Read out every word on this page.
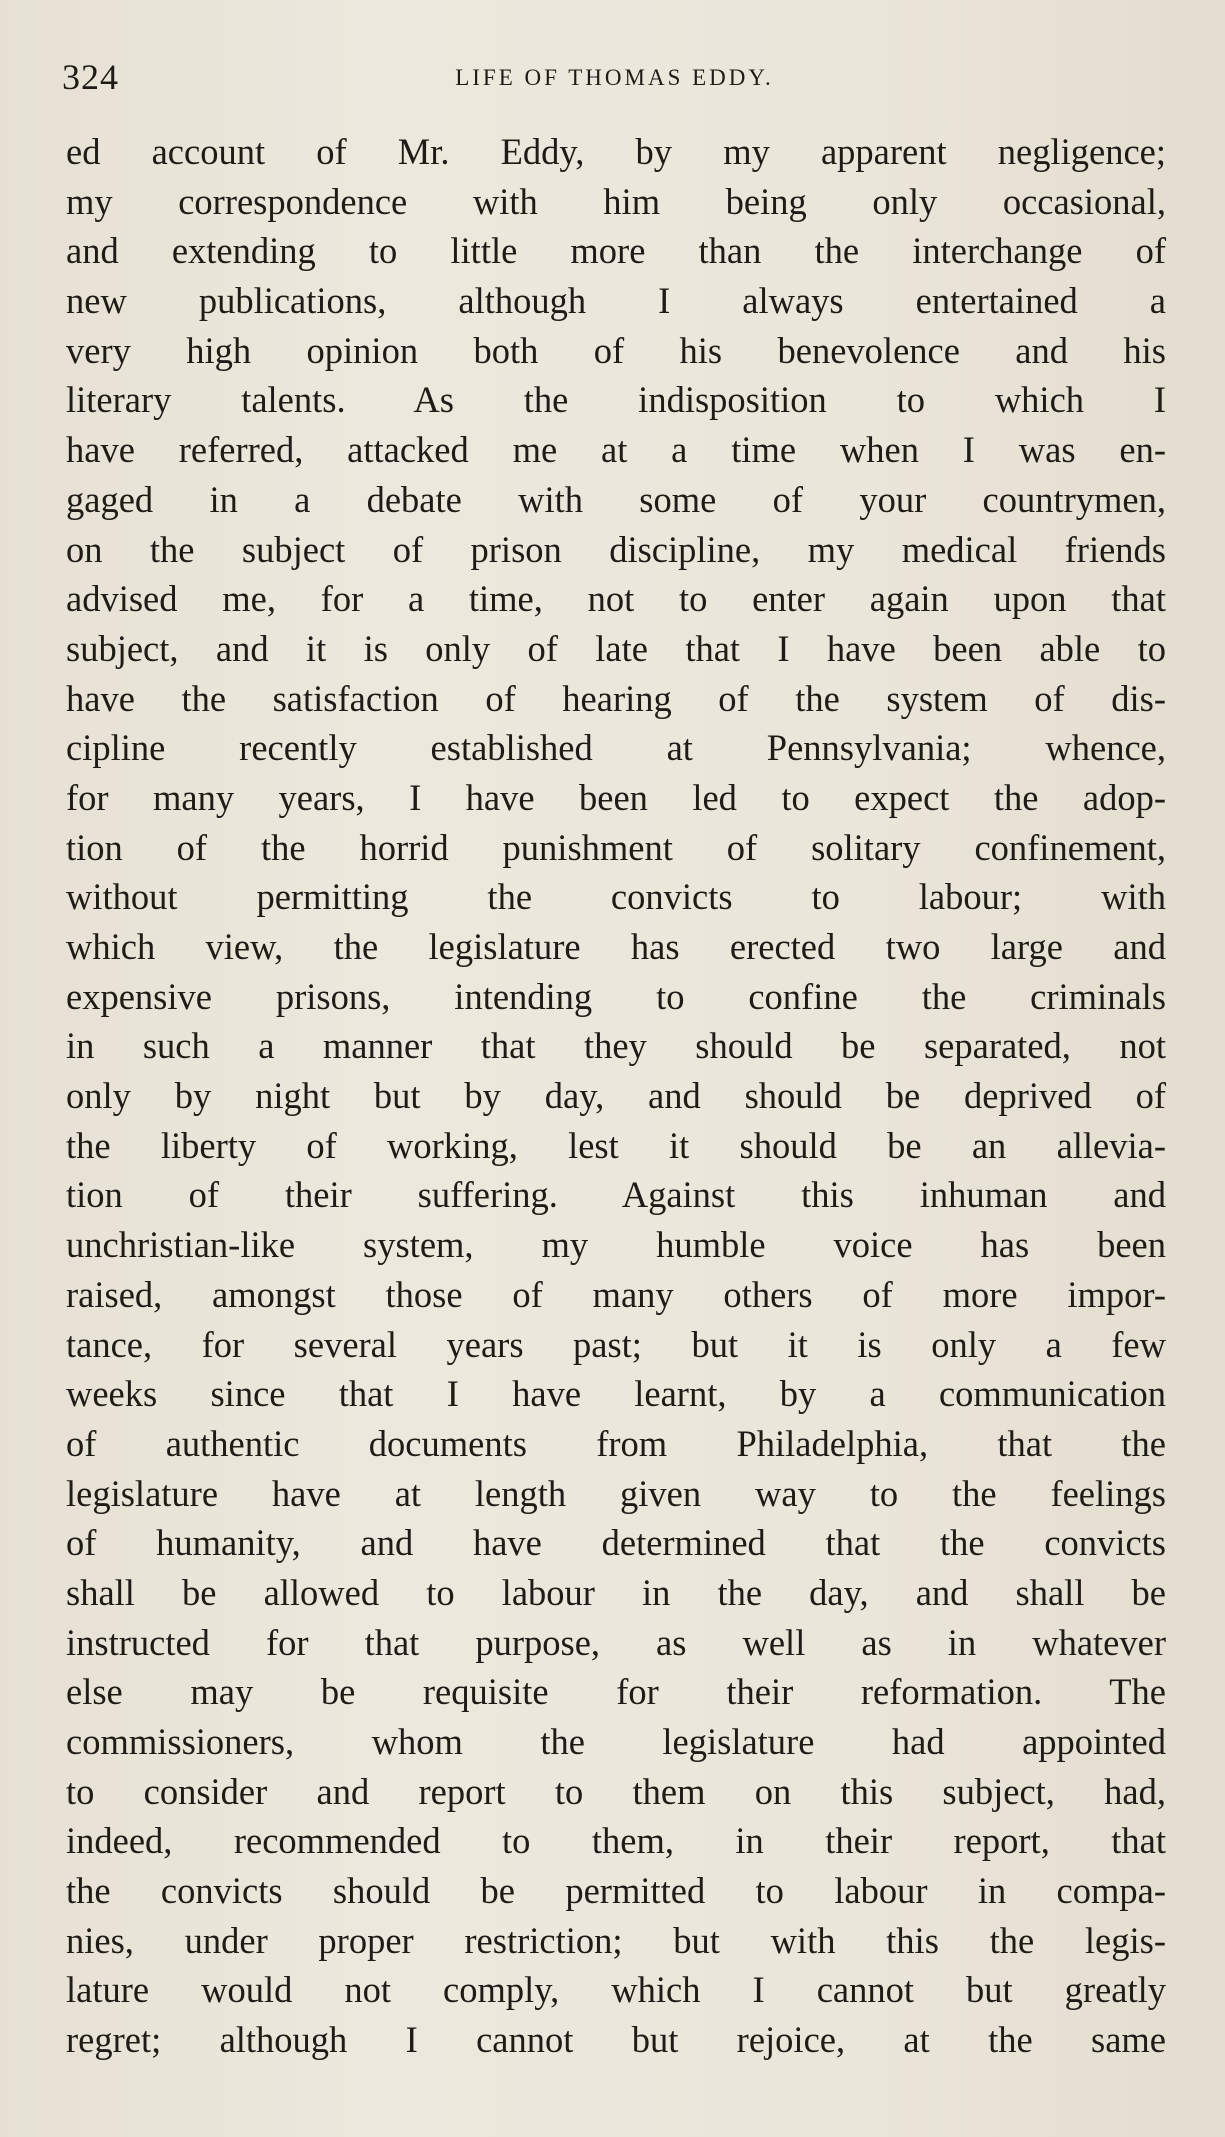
324	LIFE OF THOMAS EDDY.
ed account of Mr. Eddy, by my apparent negligence;
my correspondence with him being only occasional,
and extending to little more than the interchange of
new publications, although I always entertained a
very high opinion both of his benevolence and his
literary talents. As the indisposition to which I
have referred, attacked me at a time when I was en-
gaged in a debate with some of your countrymen,
on the subject of prison discipline, my medical friends
advised me, for a time, not to enter again upon that
subject, and it is only of late that I have been able to
have the satisfaction of hearing of the system of dis-
cipline recently established at Pennsylvania; whence,
for many years, I have been led to expect the adop-
tion of the horrid punishment of solitary confinement,
without permitting the convicts to labour; with
which view, the legislature has erected two large and
expensive prisons, intending to confine the criminals
in such a manner that they should be separated, not
only by night but by day, and should be deprived of
the liberty of working, lest it should be an allevia-
tion of their suffering. Against this inhuman and
unchristian-like system, my humble voice has been
raised, amongst those of many others of more impor-
tance, for several years past; but it is only a few
weeks since that I have learnt, by a communication
of authentic documents from Philadelphia, that the
legislature have at length given way to the feelings
of humanity, and have determined that the convicts
shall be allowed to labour in the day, and shall be
instructed for that purpose, as well as in whatever
else may be requisite for their reformation. The
commissioners, whom the legislature had appointed
to consider and report to them on this subject, had,
indeed, recommended to them, in their report, that
the convicts should be permitted to labour in compa-
nies, under proper restriction; but with this the legis-
lature would not comply, which I cannot but greatly
regret; although I cannot but rejoice, at the same
